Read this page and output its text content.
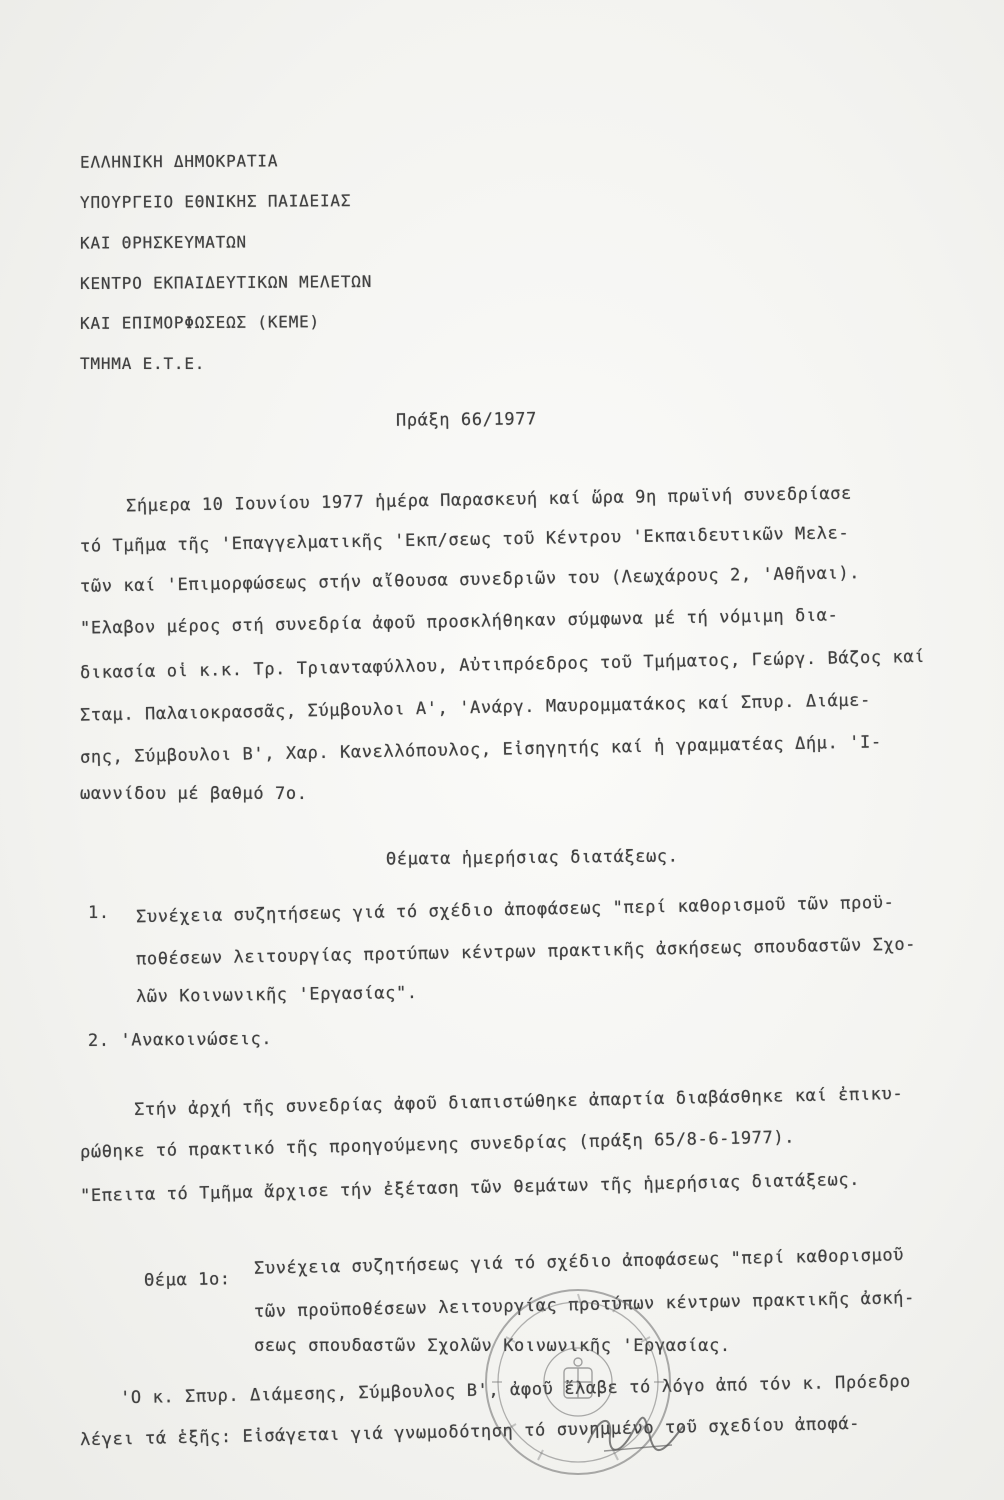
ΕΛΛΗΝΙΚΗ ΔΗΜΟΚΡΑΤΙΑ
ΥΠΟΥΡΓΕΙΟ ΕΘΝΙΚΗΣ ΠΑΙΔΕΙΑΣ
ΚΑΙ ΘΡΗΣΚΕΥΜΑΤΩΝ
ΚΕΝΤΡΟ ΕΚΠΑΙΔΕΥΤΙΚΩΝ ΜΕΛΕΤΩΝ
ΚΑΙ ΕΠΙΜΟΡΦΩΣΕΩΣ (ΚΕΜΕ)
ΤΜΗΜΑ Ε.Τ.Ε.
Πράξη 66/1977
Σήμερα 10 Ιουνίου 1977 ἡμέρα Παρασκευή καί ὥρα 9η πρωϊνή συνεδρίασε
τό Τμῆμα τῆς 'Επαγγελματικῆς 'Εκπ/σεως τοῦ Κέντρου 'Εκπαιδευτικῶν Μελε-
τῶν καί 'Επιμορφώσεως στήν αἴθουσα συνεδριῶν του (Λεωχάρους 2, 'Αθῆναι).
"Ελαβον μέρος στή συνεδρία ἀφοῦ προσκλήθηκαν σύμφωνα μέ τή νόμιμη δια-
δικασία οἱ κ.κ. Τρ. Τριανταφύλλου, Αὐτιπρόεδρος τοῦ Τμήματος, Γεώργ. Βάζος καί
Σταμ. Παλαιοκρασσᾶς, Σύμβουλοι Α', 'Ανάργ. Μαυρομματάκος καί Σπυρ. Διάμε-
σης, Σύμβουλοι Β', Χαρ. Κανελλόπουλος, Εἰσηγητής καί ἡ γραμματέας Δήμ. 'Ι-
ωαννίδου μέ βαθμό 7ο.
Θέματα ἡμερήσιας διατάξεως.
1. Συνέχεια συζητήσεως γιά τό σχέδιο ἀποφάσεως "περί καθορισμοῦ τῶν προϋ-
ποθέσεων λειτουργίας προτύπων κέντρων πρακτικῆς ἀσκήσεως σπουδαστῶν Σχο-
λῶν Κοινωνικῆς 'Εργασίας".
2. 'Ανακοινώσεις.
Στήν ἀρχή τῆς συνεδρίας ἀφοῦ διαπιστώθηκε ἀπαρτία διαβάσθηκε καί ἐπικυ-
ρώθηκε τό πρακτικό τῆς προηγούμενης συνεδρίας (πράξη 65/8-6-1977).
"Επειτα τό Τμῆμα ἄρχισε τήν ἐξέταση τῶν θεμάτων τῆς ἡμερήσιας διατάξεως.
Θέμα 1ο:
Συνέχεια συζητήσεως γιά τό σχέδιο ἀποφάσεως "περί καθορισμοῦ
τῶν προϋποθέσεων λειτουργίας προτύπων κέντρων πρακτικῆς ἀσκή-
σεως σπουδαστῶν Σχολῶν Κοινωνικῆς 'Εργασίας.
'Ο κ. Σπυρ. Διάμεσης, Σύμβουλος Β', ἀφοῦ ἔλαβε τό λόγο ἀπό τόν κ. Πρόεδρο
λέγει τά ἑξῆς: Εἰσάγεται γιά γνωμοδότηση τό συνημμένο τοῦ σχεδίου ἀποφά-
